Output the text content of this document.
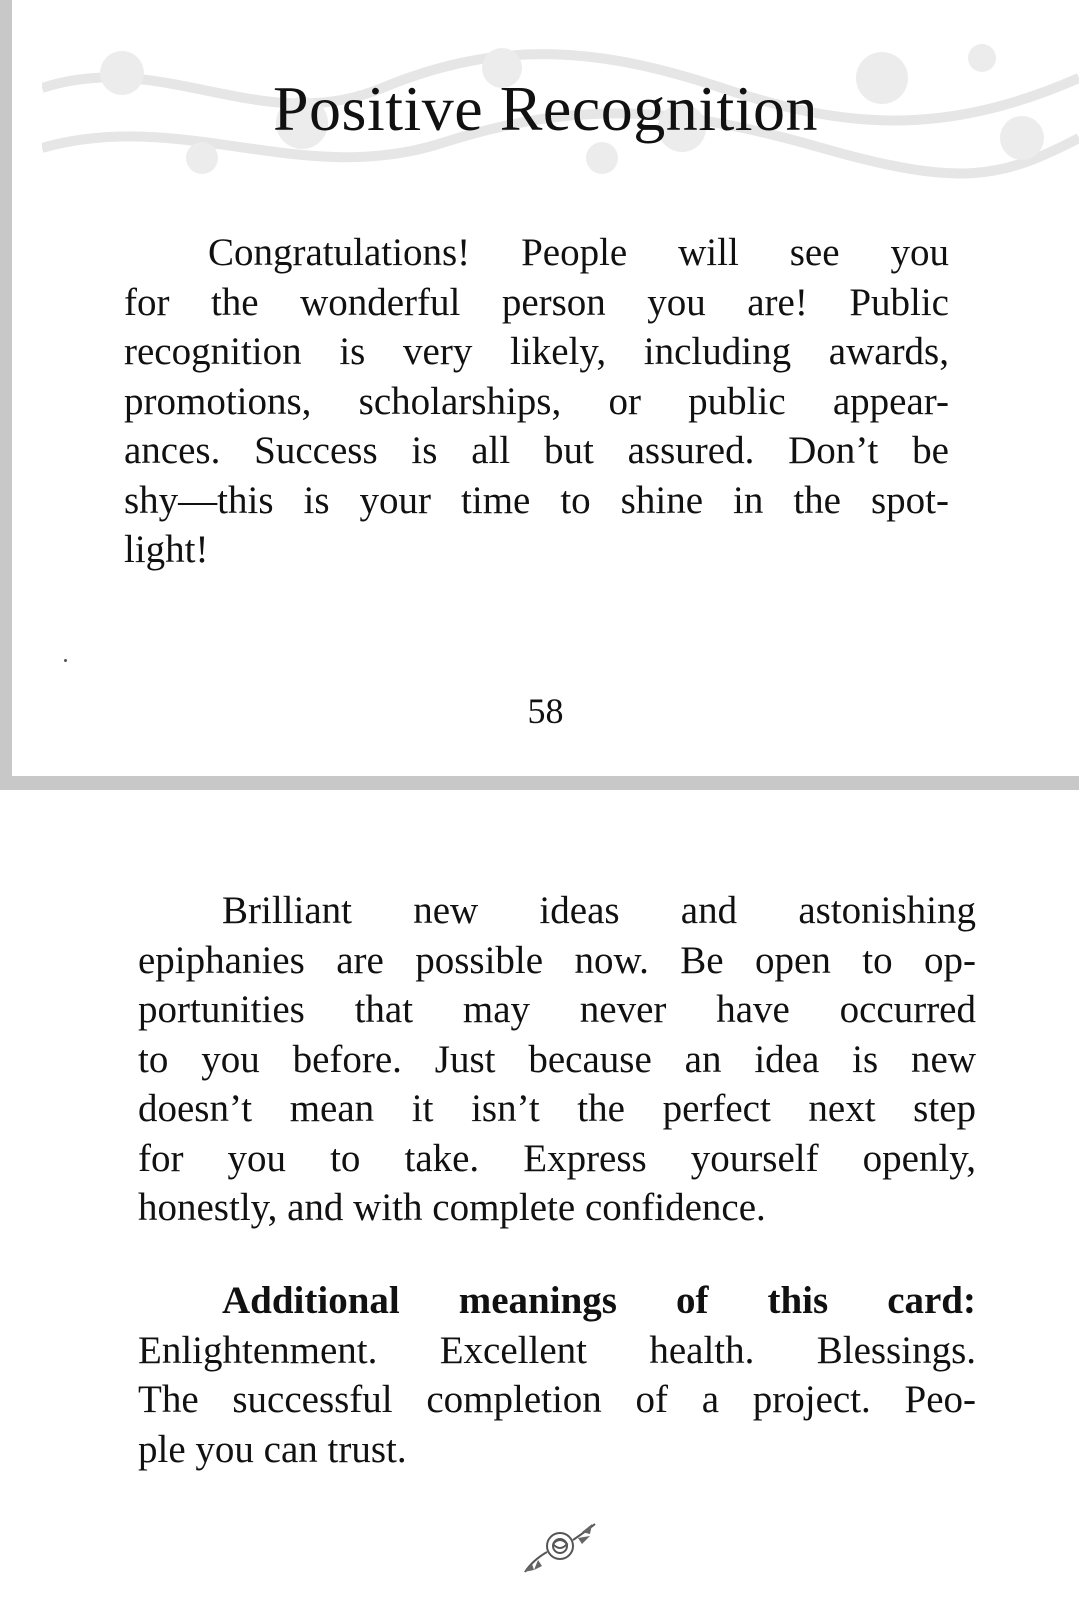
Positive Recognition

Congratulations! People will see you
for the wonderful person you are! Public
recognition is very likely, including awards,
promotions, scholarships, or public appear-
ances. Success is all but assured. Don’t be
shy—this is your time to shine in the spot-
light!

58

Brilliant new ideas and astonishing
epiphanies are possible now. Be open to op-
portunities that may never have occurred
to you before. Just because an idea is new
doesn’t mean it isn’t the perfect next step
for you to take. Express yourself openly,
honestly, and with complete confidence.

Additional meanings of this card:
Enlightenment. Excellent health. Blessings.
The successful completion of a project. Peo-
ple you can trust.
